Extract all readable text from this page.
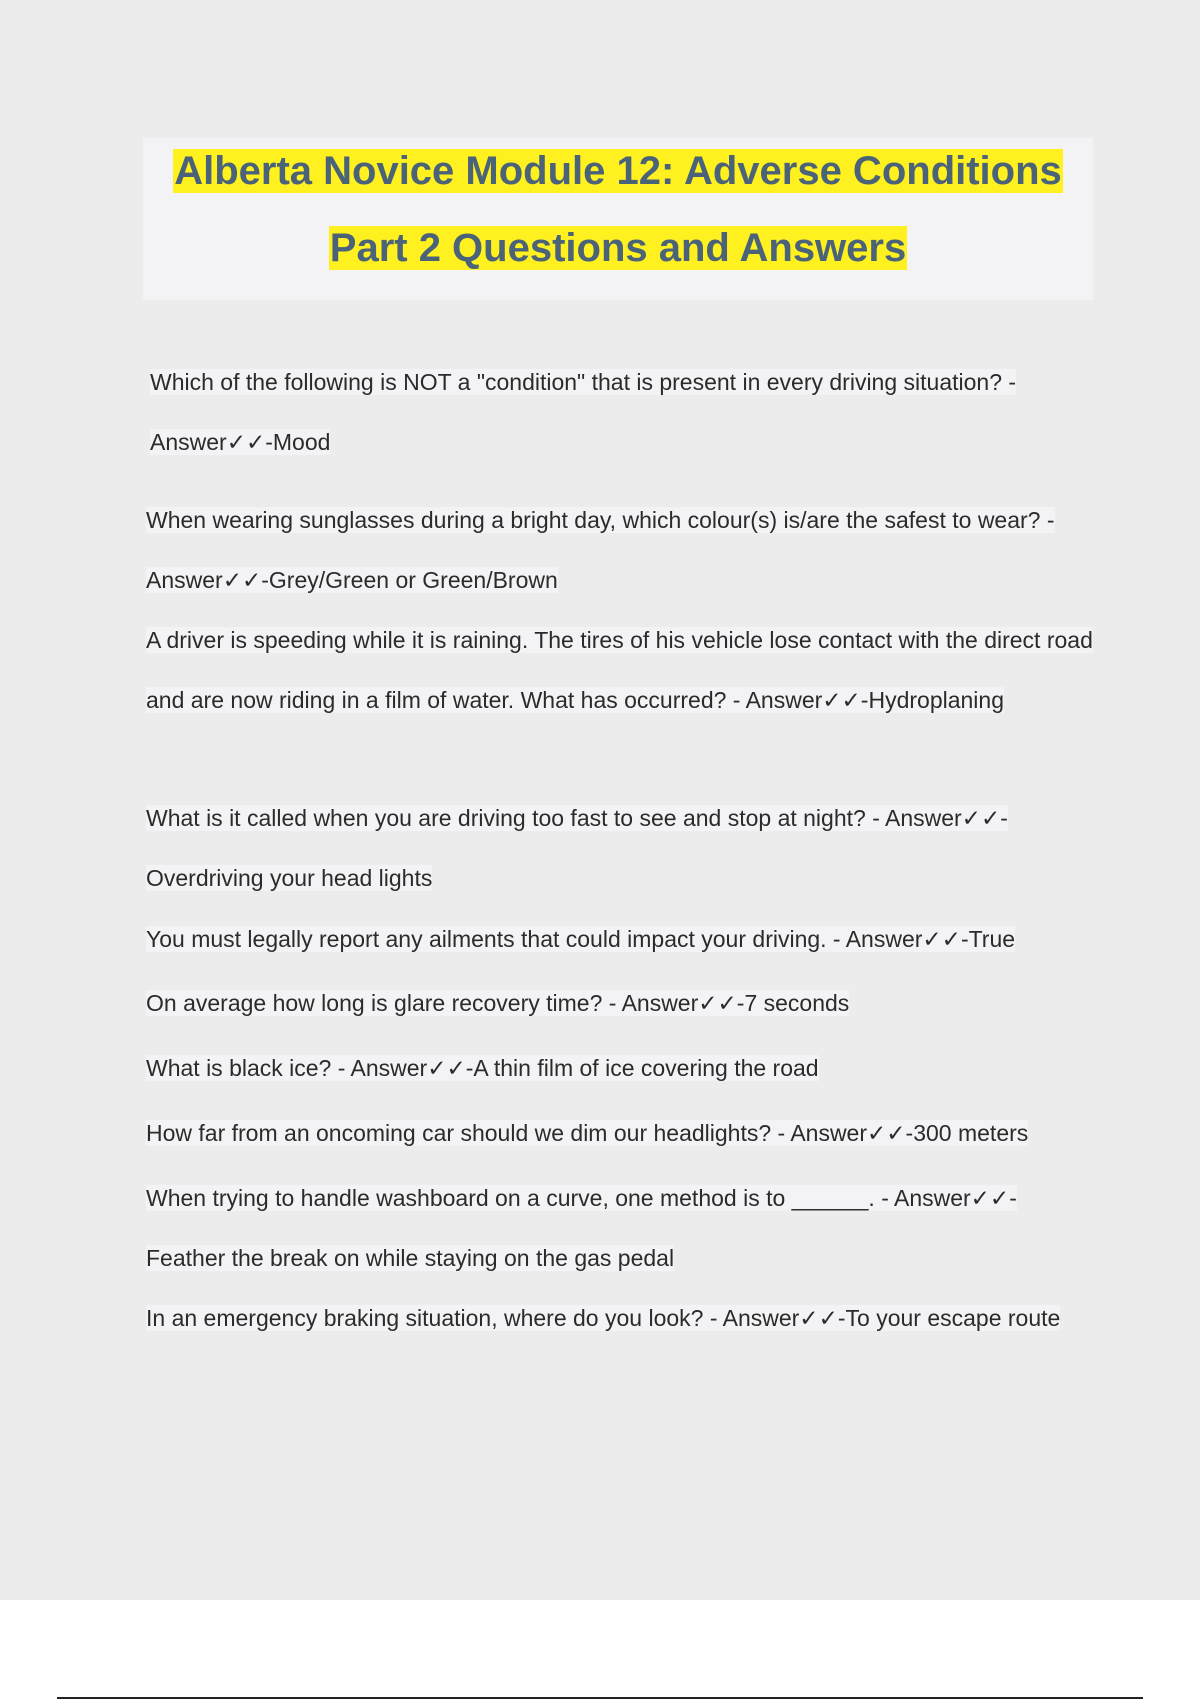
Alberta Novice Module 12: Adverse Conditions
Part 2 Questions and Answers

Which of the following is NOT a "condition" that is present in every driving situation? - Answer✓✓-Mood

When wearing sunglasses during a bright day, which colour(s) is/are the safest to wear? - Answer✓✓-Grey/Green or Green/Brown

A driver is speeding while it is raining. The tires of his vehicle lose contact with the direct road and are now riding in a film of water. What has occurred? - Answer✓✓-Hydroplaning

What is it called when you are driving too fast to see and stop at night? - Answer✓✓-Overdriving your head lights

You must legally report any ailments that could impact your driving. - Answer✓✓-True

On average how long is glare recovery time? - Answer✓✓-7 seconds

What is black ice? - Answer✓✓-A thin film of ice covering the road

How far from an oncoming car should we dim our headlights? - Answer✓✓-300 meters

When trying to handle washboard on a curve, one method is to ______. - Answer✓✓-Feather the break on while staying on the gas pedal

In an emergency braking situation, where do you look? - Answer✓✓-To your escape route
